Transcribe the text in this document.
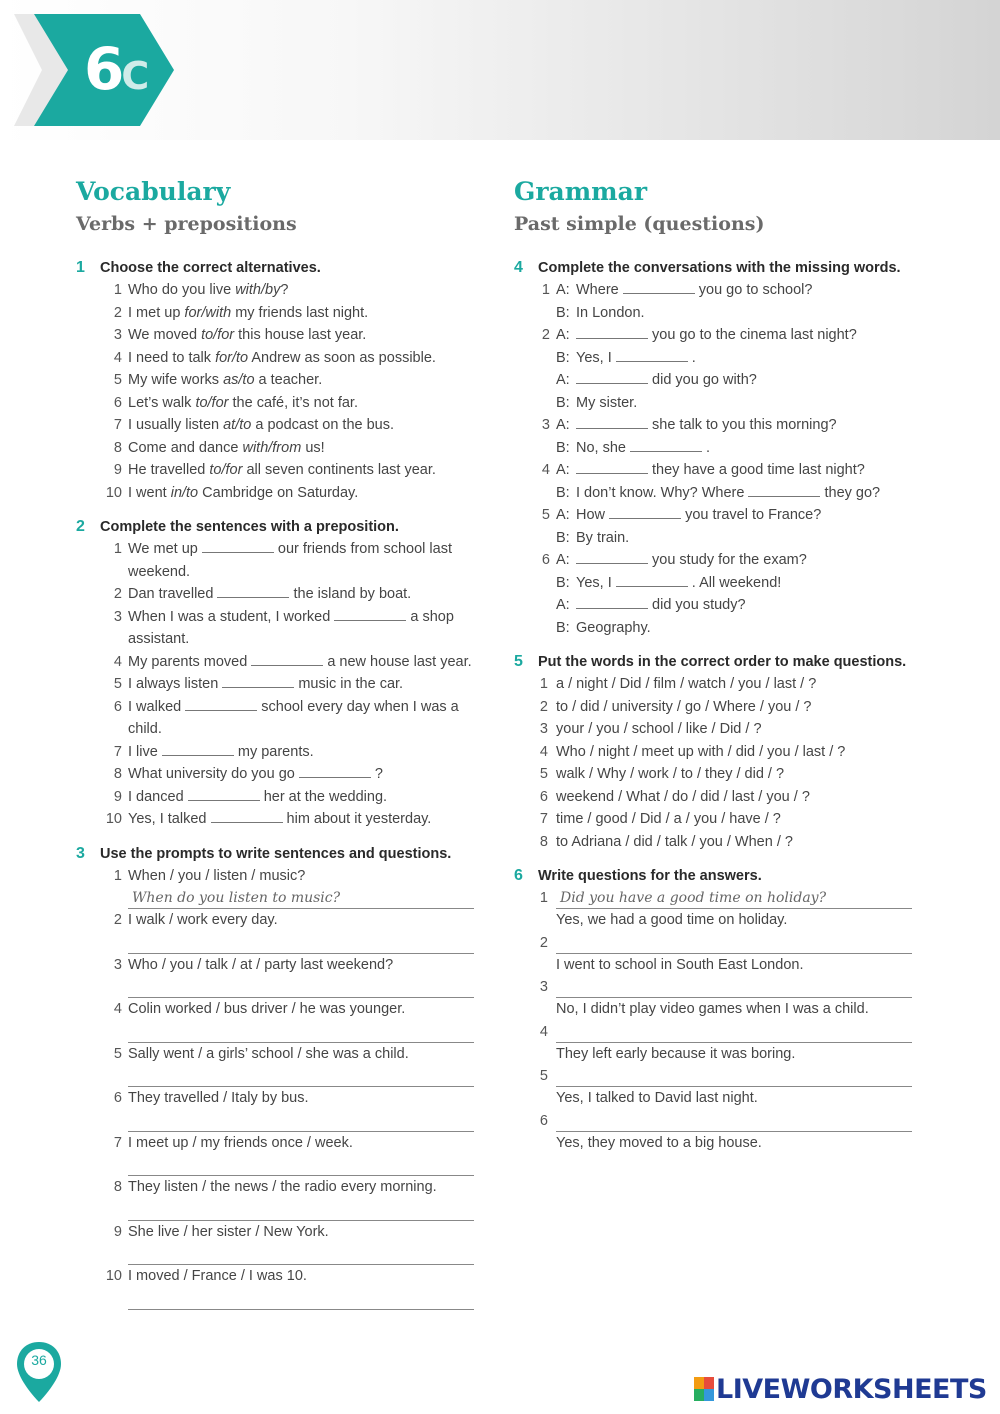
6C
Vocabulary
Verbs + prepositions
1 Choose the correct alternatives.
1 Who do you live with/by?
2 I met up for/with my friends last night.
3 We moved to/for this house last year.
4 I need to talk for/to Andrew as soon as possible.
5 My wife works as/to a teacher.
6 Let’s walk to/for the café, it’s not far.
7 I usually listen at/to a podcast on the bus.
8 Come and dance with/from us!
9 He travelled to/for all seven continents last year.
10 I went in/to Cambridge on Saturday.
2 Complete the sentences with a preposition.
1 We met up	our friends from school last weekend.
2 Dan travelled	the island by boat.
3 When I was a student, I worked	a shop assistant.
4 My parents moved	a new house last year.
5 I always listen	music in the car.
6 I walked	school every day when I was a child.
7 I live	my parents.
8 What university do you go	?
9 I danced	her at the wedding.
10 Yes, I talked	him about it yesterday.
3 Use the prompts to write sentences and questions.
1 When / you / listen / music?
When do you listen to music?
2 I walk / work every day.
3 Who / you / talk / at / party last weekend?
4 Colin worked / bus driver / he was younger.
5 Sally went / a girls’ school / she was a child.
6 They travelled / Italy by bus.
7 I meet up / my friends once / week.
8 They listen / the news / the radio every morning.
9 She live / her sister / New York.
10 I moved / France / I was 10.
Grammar
Past simple (questions)
4 Complete the conversations with the missing words.
1 A: Where	you go to school?
B: In London.
2 A:	you go to the cinema last night?
B: Yes, I	.
A:	did you go with?
B: My sister.
3 A:	she talk to you this morning?
B: No, she	.
4 A:	they have a good time last night?
B: I don’t know. Why? Where	they go?
5 A: How	you travel to France?
B: By train.
6 A:	you study for the exam?
B: Yes, I	. All weekend!
A:	did you study?
B: Geography.
5 Put the words in the correct order to make questions.
1 a / night / Did / film / watch / you / last / ?
2 to / did / university / go / Where / you / ?
3 your / you / school / like / Did / ?
4 Who / night / meet up with / did / you / last / ?
5 walk / Why / work / to / they / did / ?
6 weekend / What / do / did / last / you / ?
7 time / good / Did / a / you / have / ?
8 to Adriana / did / talk / you / When / ?
6 Write questions for the answers.
1 Did you have a good time on holiday?
Yes, we had a good time on holiday.
2
I went to school in South East London.
3
No, I didn’t play video games when I was a child.
4
They left early because it was boring.
5
Yes, I talked to David last night.
6
Yes, they moved to a big house.
36
LIVEWORKSHEETS
